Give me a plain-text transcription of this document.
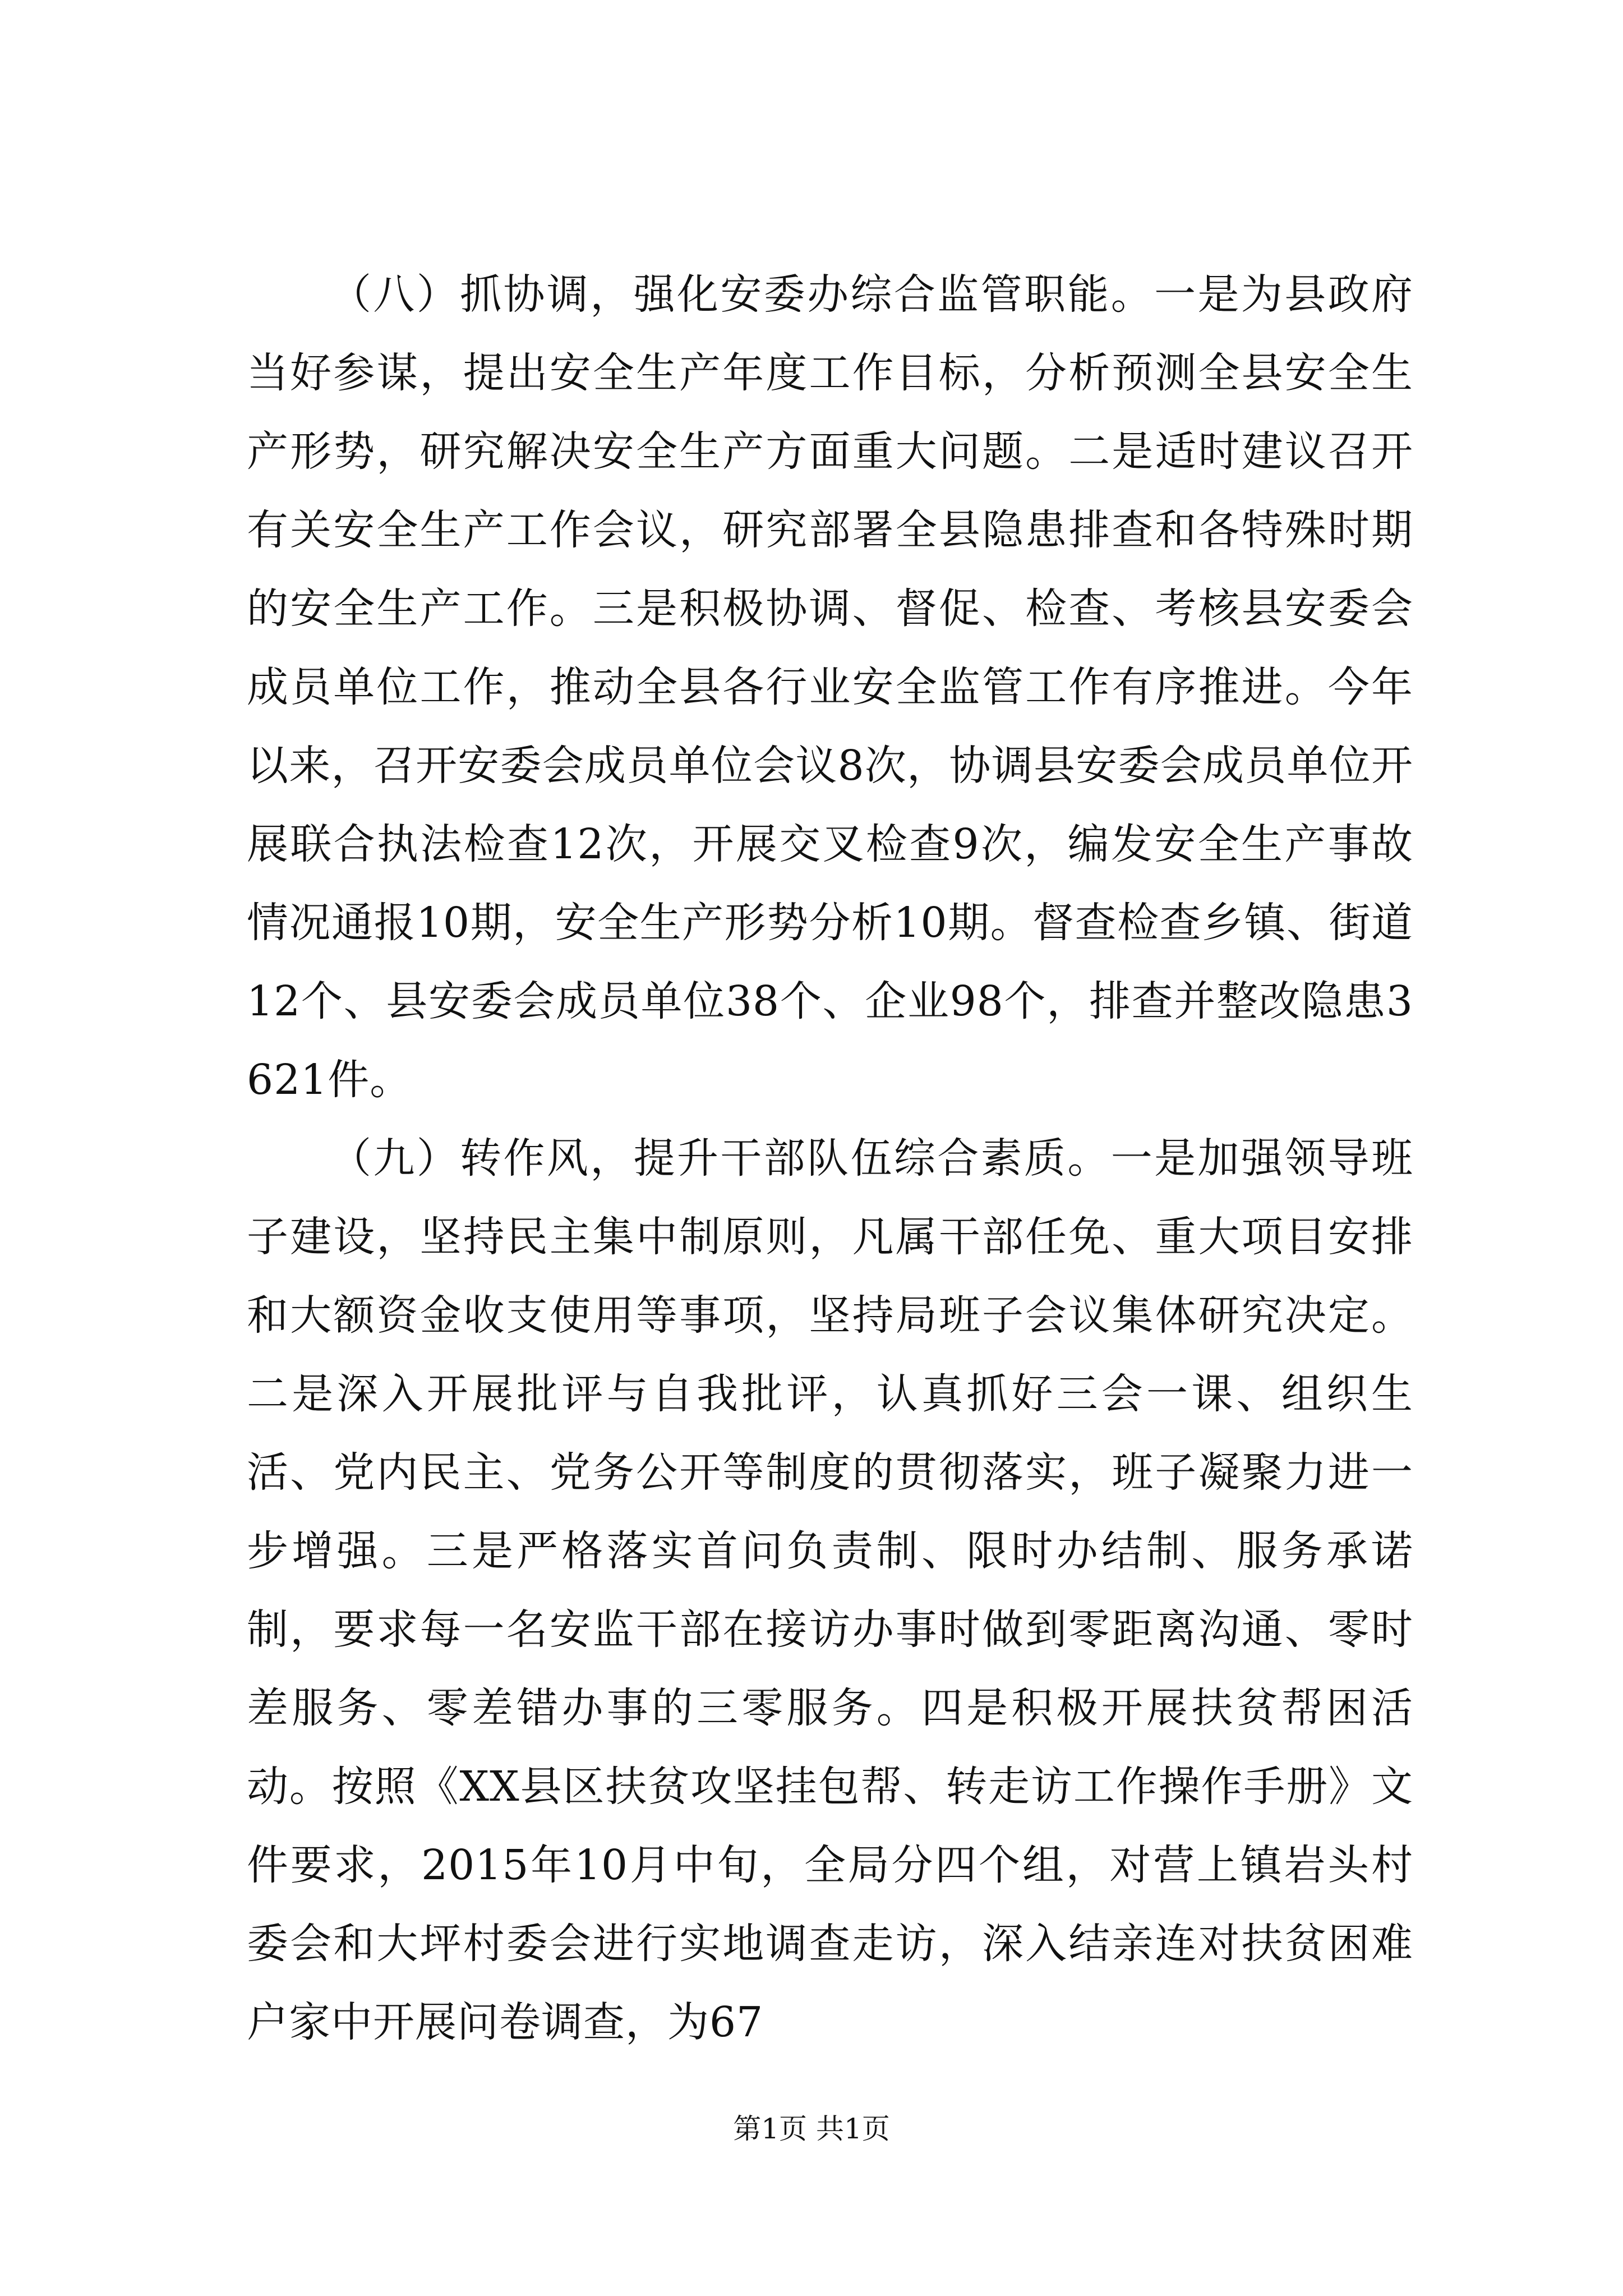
（八）抓协调，强化安委办综合监管职能。一是为县政府当好参谋，提出安全生产年度工作目标，分析预测全县安全生产形势，研究解决安全生产方面重大问题。二是适时建议召开有关安全生产工作会议，研究部署全县隐患排查和各特殊时期的安全生产工作。三是积极协调、督促、检查、考核县安委会成员单位工作，推动全县各行业安全监管工作有序推进。今年以来，召开安委会成员单位会议8次，协调县安委会成员单位开展联合执法检查12次，开展交叉检查9次，编发安全生产事故情况通报10期，安全生产形势分析10期。督查检查乡镇、街道12个、县安委会成员单位38个、企业98个，排查并整改隐患3621件。

（九）转作风，提升干部队伍综合素质。一是加强领导班子建设，坚持民主集中制原则，凡属干部任免、重大项目安排和大额资金收支使用等事项，坚持局班子会议集体研究决定。二是深入开展批评与自我批评，认真抓好三会一课、组织生活、党内民主、党务公开等制度的贯彻落实，班子凝聚力进一步增强。三是严格落实首问负责制、限时办结制、服务承诺制，要求每一名安监干部在接访办事时做到零距离沟通、零时差服务、零差错办事的三零服务。四是积极开展扶贫帮困活动。按照《XX县区扶贫攻坚挂包帮、转走访工作操作手册》文件要求，2015年10月中旬，全局分四个组，对营上镇岩头村委会和大坪村委会进行实地调查走访，深入结亲连对扶贫困难户家中开展问卷调查，为67

第1页 共1页
